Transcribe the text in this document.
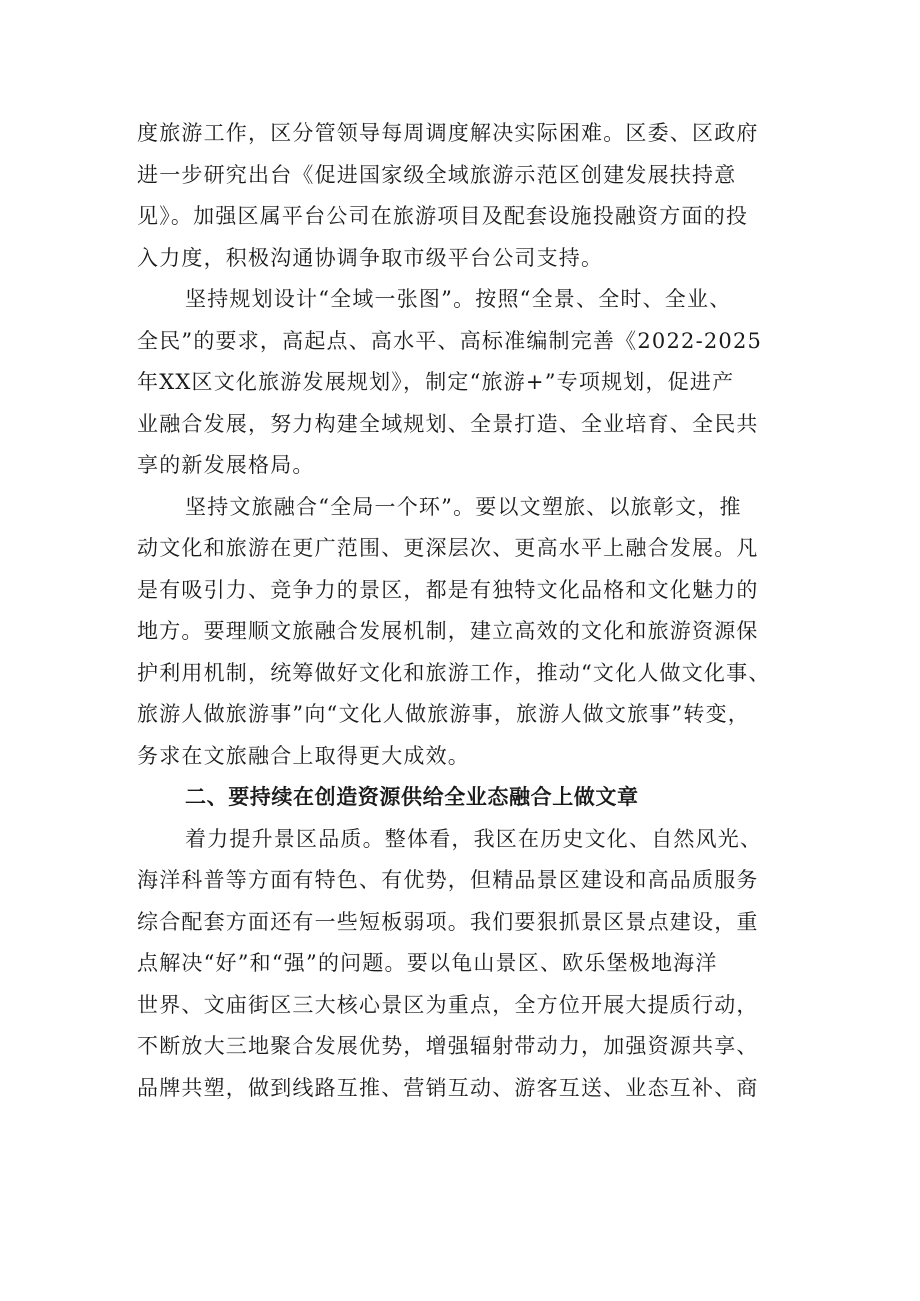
度旅游工作，区分管领导每周调度解决实际困难。区委、区政府
进一步研究出台《促进国家级全域旅游示范区创建发展扶持意
见》。加强区属平台公司在旅游项目及配套设施投融资方面的投
入力度，积极沟通协调争取市级平台公司支持。
坚持规划设计“全域一张图”。按照“全景、全时、全业、
全民”的要求，高起点、高水平、高标准编制完善《2022-2025
年XX区文化旅游发展规划》，制定“旅游+”专项规划，促进产
业融合发展，努力构建全域规划、全景打造、全业培育、全民共
享的新发展格局。
坚持文旅融合“全局一个环”。要以文塑旅、以旅彰文，推
动文化和旅游在更广范围、更深层次、更高水平上融合发展。凡
是有吸引力、竞争力的景区，都是有独特文化品格和文化魅力的
地方。要理顺文旅融合发展机制，建立高效的文化和旅游资源保
护利用机制，统筹做好文化和旅游工作，推动“文化人做文化事、
旅游人做旅游事”向“文化人做旅游事，旅游人做文旅事”转变，
务求在文旅融合上取得更大成效。
二、要持续在创造资源供给全业态融合上做文章
着力提升景区品质。整体看，我区在历史文化、自然风光、
海洋科普等方面有特色、有优势，但精品景区建设和高品质服务
综合配套方面还有一些短板弱项。我们要狠抓景区景点建设，重
点解决“好”和“强”的问题。要以龟山景区、欧乐堡极地海洋
世界、文庙街区三大核心景区为重点，全方位开展大提质行动，
不断放大三地聚合发展优势，增强辐射带动力，加强资源共享、
品牌共塑，做到线路互推、营销互动、游客互送、业态互补、商
